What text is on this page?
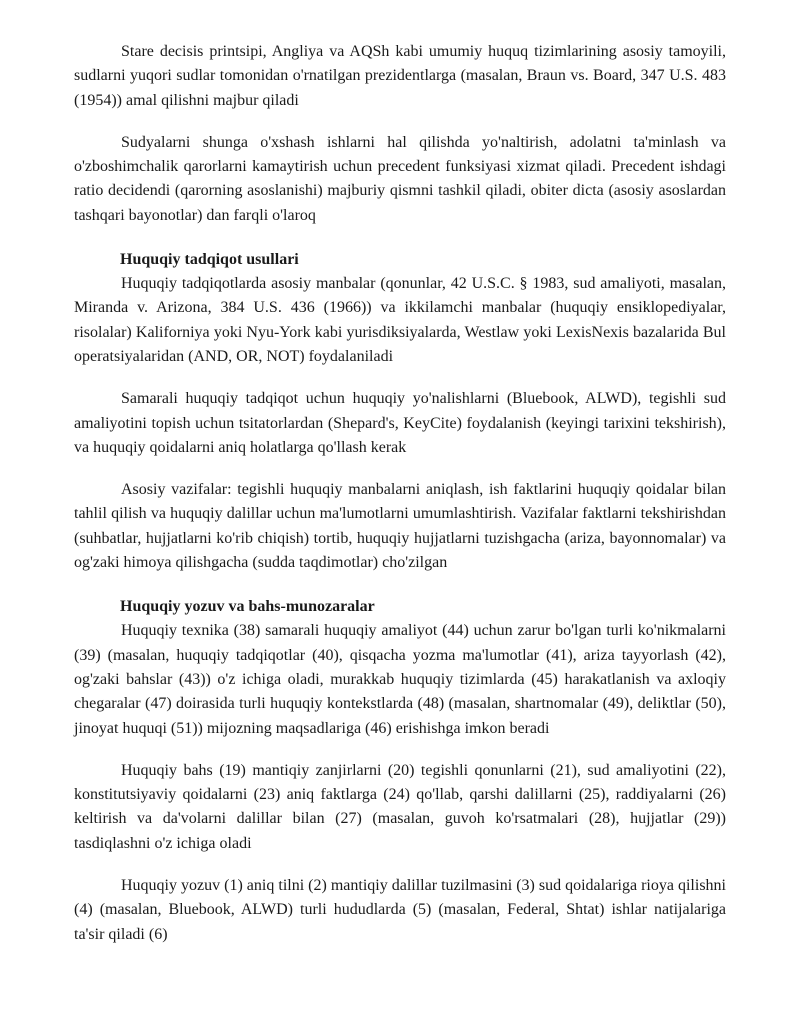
Stare decisis printsipi, Angliya va AQSh kabi umumiy huquq tizimlarining asosiy tamoyili, sudlarni yuqori sudlar tomonidan o'rnatilgan prezidentlarga (masalan, Braun vs. Board, 347 U.S. 483 (1954)) amal qilishni majbur qiladi

Sudyalarni shunga o'xshash ishlarni hal qilishda yo'naltirish, adolatni ta'minlash va o'zboshimchalik qarorlarni kamaytirish uchun precedent funksiyasi xizmat qiladi. Precedent ishdagi ratio decidendi (qarorning asoslanishi) majburiy qismni tashkil qiladi, obiter dicta (asosiy asoslardan tashqari bayonotlar) dan farqli o'laroq

Huquqiy tadqiqot usullari

Huquqiy tadqiqotlarda asosiy manbalar (qonunlar, 42 U.S.C. § 1983, sud amaliyoti, masalan, Miranda v. Arizona, 384 U.S. 436 (1966)) va ikkilamchi manbalar (huquqiy ensiklopediyalar, risolalar) Kaliforniya yoki Nyu-York kabi yurisdiksiyalarda, Westlaw yoki LexisNexis bazalarida Bul operatsiyalaridan (AND, OR, NOT) foydalaniladi

Samarali huquqiy tadqiqot uchun huquqiy yo'nalishlarni (Bluebook, ALWD), tegishli sud amaliyotini topish uchun tsitatorlardan (Shepard's, KeyCite) foydalanish (keyingi tarixini tekshirish), va huquqiy qoidalarni aniq holatlarga qo'llash kerak

Asosiy vazifalar: tegishli huquqiy manbalarni aniqlash, ish faktlarini huquqiy qoidalar bilan tahlil qilish va huquqiy dalillar uchun ma'lumotlarni umumlashtirish. Vazifalar faktlarni tekshirishdan (suhbatlar, hujjatlarni ko'rib chiqish) tortib, huquqiy hujjatlarni tuzishgacha (ariza, bayonnomalar) va og'zaki himoya qilishgacha (sudda taqdimotlar) cho'zilgan

Huquqiy yozuv va bahs-munozaralar

Huquqiy texnika (38) samarali huquqiy amaliyot (44) uchun zarur bo'lgan turli ko'nikmalarni (39) (masalan, huquqiy tadqiqotlar (40), qisqacha yozma ma'lumotlar (41), ariza tayyorlash (42), og'zaki bahslar (43)) o'z ichiga oladi, murakkab huquqiy tizimlarda (45) harakatlanish va axloqiy chegaralar (47) doirasida turli huquqiy kontekstlarda (48) (masalan, shartnomalar (49), deliktlar (50), jinoyat huquqi (51)) mijozning maqsadlariga (46) erishishga imkon beradi

Huquqiy bahs (19) mantiqiy zanjirlarni (20) tegishli qonunlarni (21), sud amaliyotini (22), konstitutsiyaviy qoidalarni (23) aniq faktlarga (24) qo'llab, qarshi dalillarni (25), raddiyalarni (26) keltirish va da'volarni dalillar bilan (27) (masalan, guvoh ko'rsatmalari (28), hujjatlar (29)) tasdiqlashni o'z ichiga oladi

Huquqiy yozuv (1) aniq tilni (2) mantiqiy dalillar tuzilmasini (3) sud qoidalariga rioya qilishni (4) (masalan, Bluebook, ALWD) turli hududlarda (5) (masalan, Federal, Shtat) ishlar natijalariga ta'sir qiladi (6)
